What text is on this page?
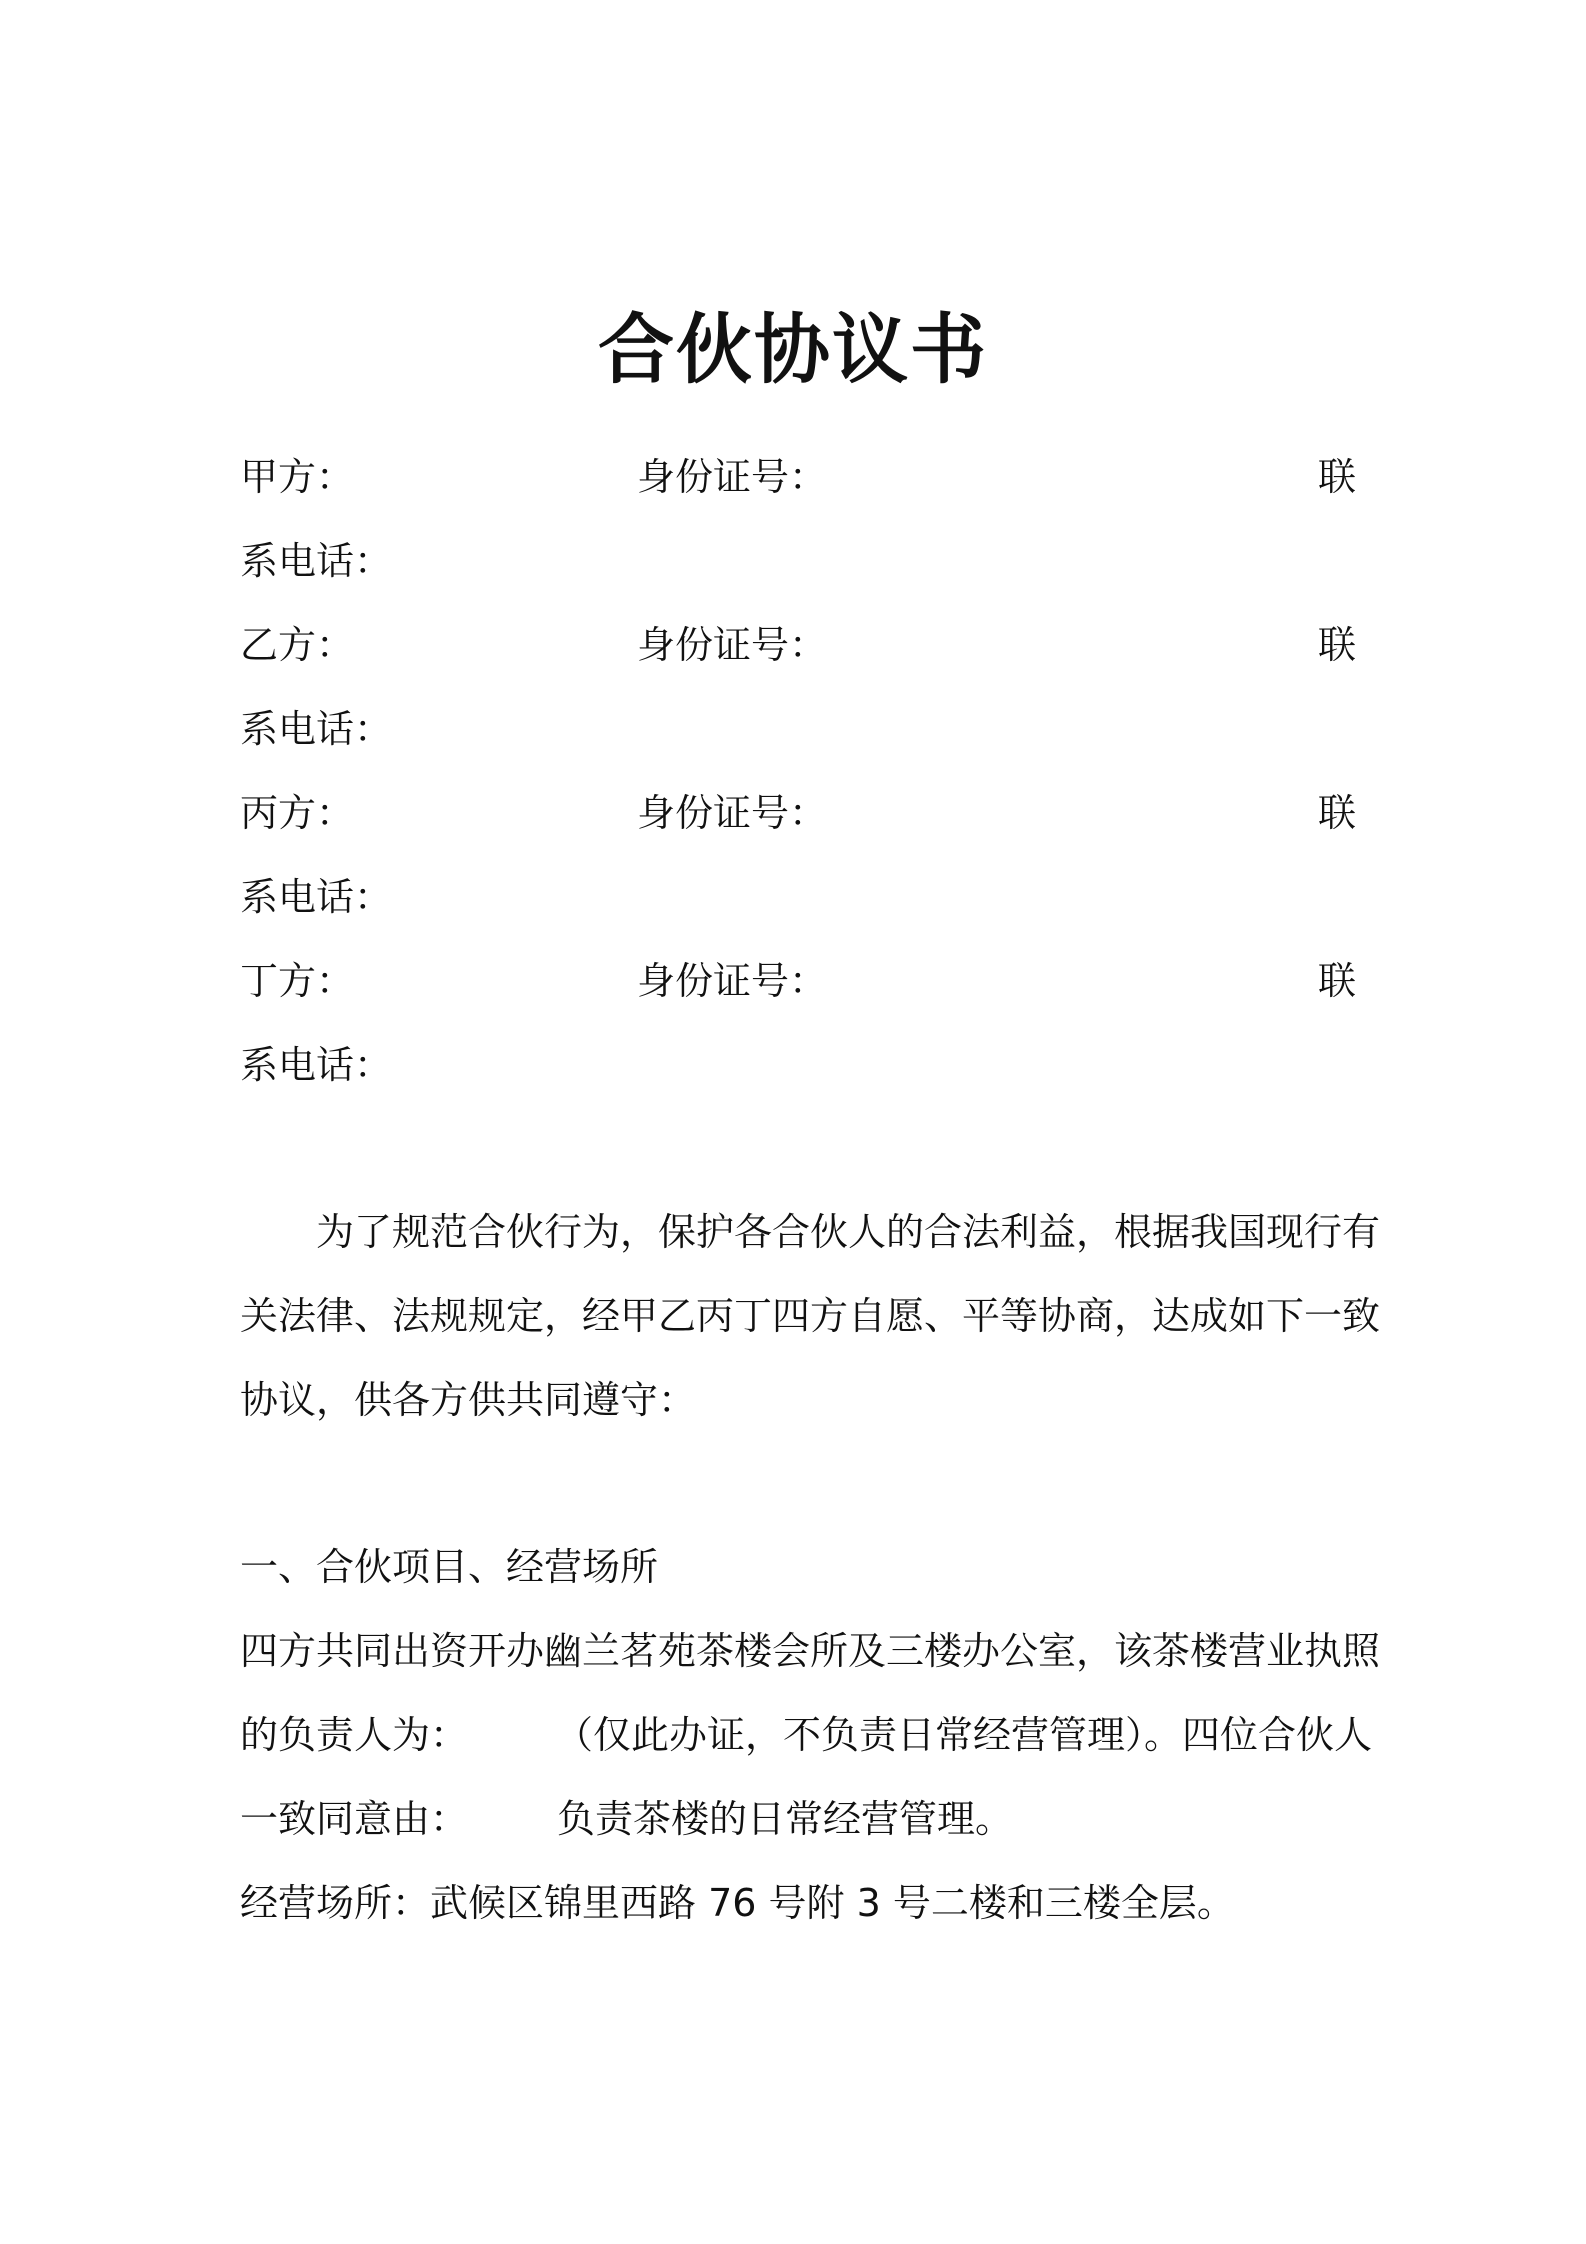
合伙协议书
甲方：	身份证号：	联
系电话：
乙方：	身份证号：	联
系电话：
丙方：	身份证号：	联
系电话：
丁方：	身份证号：	联
系电话：
为了规范合伙行为，保护各合伙人的合法利益，根据我国现行有
关法律、法规规定，经甲乙丙丁四方自愿、平等协商，达成如下一致
协议，供各方供共同遵守：
一、合伙项目、经营场所
四方共同出资开办幽兰茗苑茶楼会所及三楼办公室，该茶楼营业执照
的负责人为： （仅此办证，不负责日常经营管理）。四位合伙人
一致同意由： 负责茶楼的日常经营管理。
经营场所：武候区锦里西路 76 号附 3 号二楼和三楼全层。
